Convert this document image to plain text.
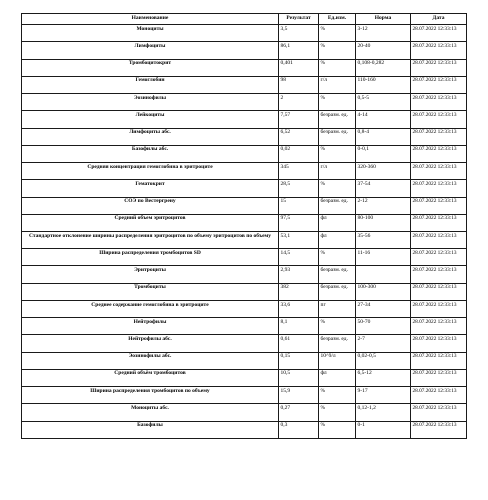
Наименование	Результат	Ед.изм.	Норма	Дата
Моноциты	3,5	%	3-12	28.07.2022 12:33:13
Лимфоциты	86,1	%	20-40	28.07.2022 12:33:13
Тромбоцитокрит	0,401	%	0,108-0,282	28.07.2022 12:33:13
Гемоглобин	98	г/л	110-160	28.07.2022 12:33:13
Эозинофилы	2	%	0,5-5	28.07.2022 12:33:13
Лейкоциты	7,57	безразм. ед.	4-14	28.07.2022 12:33:13
Лимфоциты абс.	6,52	безразм. ед.	0,8-4	28.07.2022 12:33:13
Базофилы абс.	0,02	%	0-0,1	28.07.2022 12:33:13
Средняя концентрация гемоглобина в эритроците	345	г/л	320-360	28.07.2022 12:33:13
Гематокрит	28,5	%	37-54	28.07.2022 12:33:13
СОЭ по Вестергрену	15	безразм. ед.	2-12	28.07.2022 12:33:13
Средний объем эритроцитов	97,5	фл	80-100	28.07.2022 12:33:13
Стандартное отклонение ширины распределения эритроцитов по объему эритроцитов по объему	53,1	фл	35-56	28.07.2022 12:33:13
Ширина распределения тромбоцитов SD	14,5	%	11-16	28.07.2022 12:33:13
Эритроциты	2,93	безразм. ед.		28.07.2022 12:33:13
Тромбоциты	382	безразм. ед.	100-300	28.07.2022 12:33:13
Среднее содержание гемоглобина в эритроците	33,6	пг	27-34	28.07.2022 12:33:13
Нейтрофилы	8,1	%	50-70	28.07.2022 12:33:13
Нейтрофилы абс.	0,61	безразм. ед.	2-7	28.07.2022 12:33:13
Эозинофилы абс.	0,15	10^9/л	0,02-0,5	28.07.2022 12:33:13
Средний объём тромбоцитов	10,5	фл	6,5-12	28.07.2022 12:33:13
Ширина распределения тромбоцитов по объему	15,9	%	9-17	28.07.2022 12:33:13
Моноциты абс.	0,27	%	0,12-1,2	28.07.2022 12:33:13
Базофилы	0,3	%	0-1	28.07.2022 12:33:13
